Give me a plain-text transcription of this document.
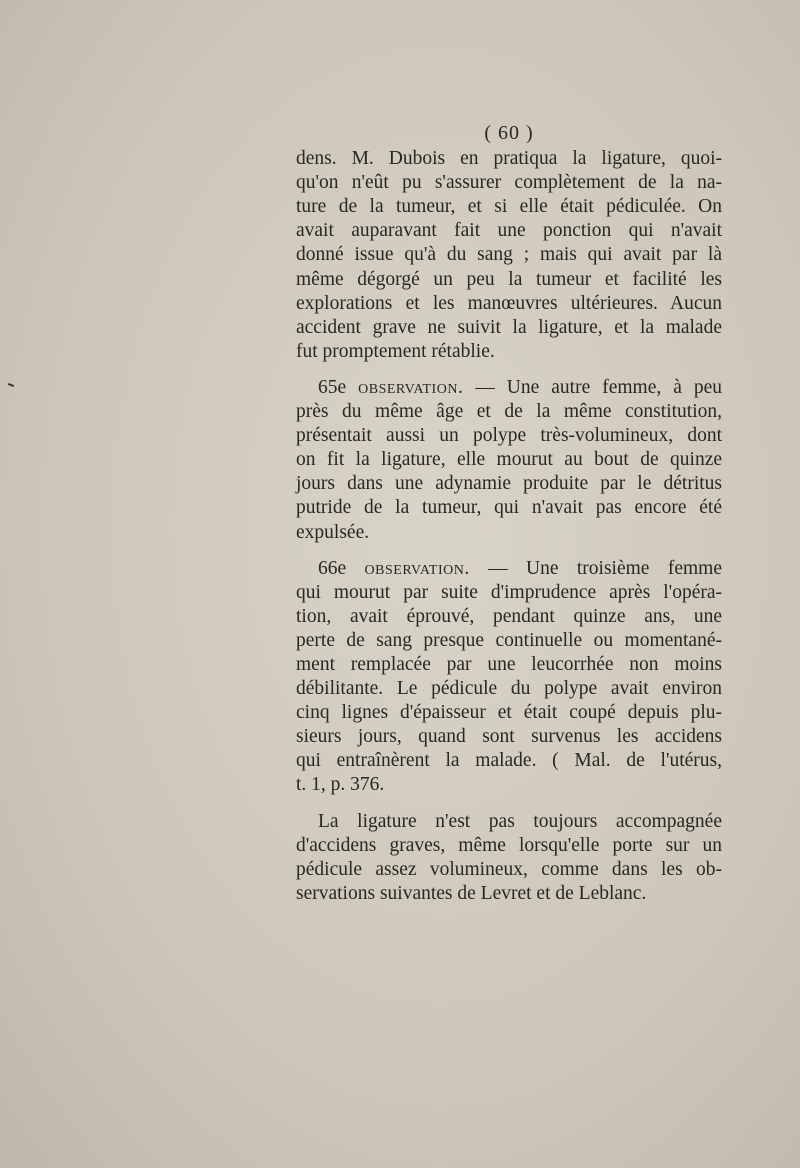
( 60 )
dens. M. Dubois en pratiqua la ligature, quoi-
qu'on n'eût pu s'assurer complètement de la na-
ture de la tumeur, et si elle était pédiculée. On
avait auparavant fait une ponction qui n'avait
donné issue qu'à du sang ; mais qui avait par là
même dégorgé un peu la tumeur et facilité les
explorations et les manœuvres ultérieures. Aucun
accident grave ne suivit la ligature, et la malade
fut promptement rétablie.
65e observation. — Une autre femme, à peu
près du même âge et de la même constitution,
présentait aussi un polype très-volumineux, dont
on fit la ligature, elle mourut au bout de quinze
jours dans une adynamie produite par le détritus
putride de la tumeur, qui n'avait pas encore été
expulsée.
66e observation. — Une troisième femme
qui mourut par suite d'imprudence après l'opéra-
tion, avait éprouvé, pendant quinze ans, une
perte de sang presque continuelle ou momentané-
ment remplacée par une leucorrhée non moins
débilitante. Le pédicule du polype avait environ
cinq lignes d'épaisseur et était coupé depuis plu-
sieurs jours, quand sont survenus les accidens
qui entraînèrent la malade. ( Mal. de l'utérus,
t. 1, p. 376.
La ligature n'est pas toujours accompagnée
d'accidens graves, même lorsqu'elle porte sur un
pédicule assez volumineux, comme dans les ob-
servations suivantes de Levret et de Leblanc.
